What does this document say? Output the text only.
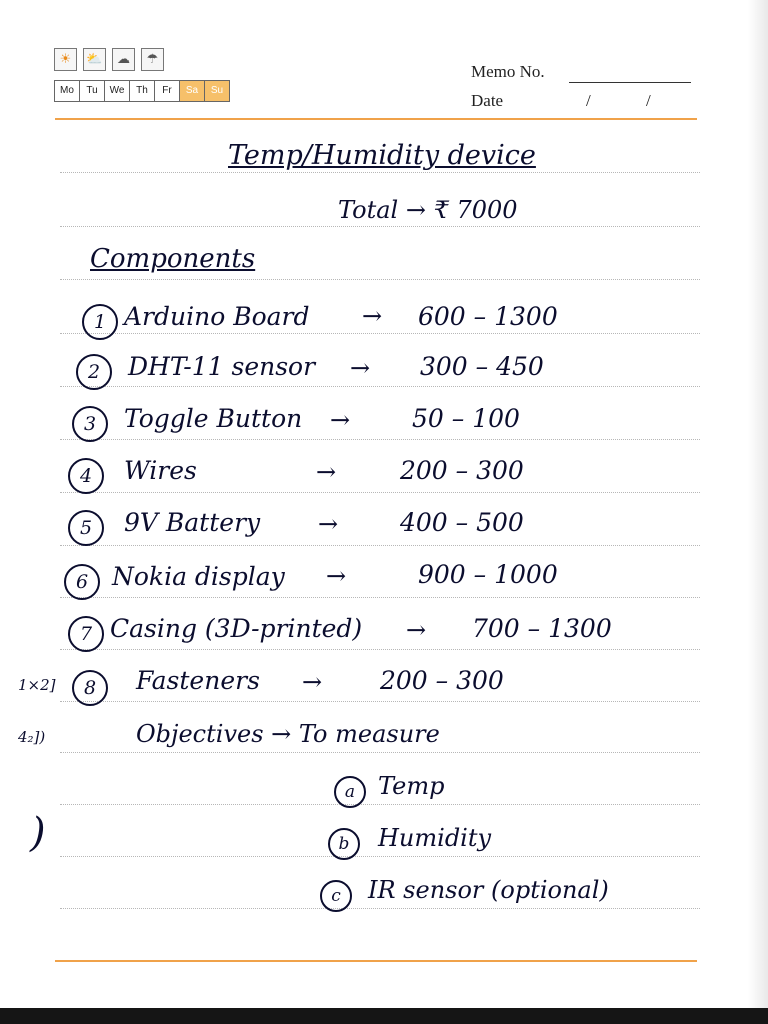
☀	⛅	☁	☂
Mo	Tu	We	Th	Fr	Sa	Su
Memo No.
Date	/	/
Temp/Humidity device
Total → ₹ 7000
Components
1 Arduino Board → 600 – 1300
2	DHT-11 sensor → 300 – 450
3	Toggle Button → 50 – 100
4	Wires	→	200 – 300
5	9V Battery → 400 – 500
6 Nokia display →	900 – 1000
7 Casing (3D-printed) → 700 – 1300
8	Fasteners → 200 – 300
1×2]
4₂])
)
Objectives → To measure
a Temp
b	Humidity
c	IR sensor (optional)
